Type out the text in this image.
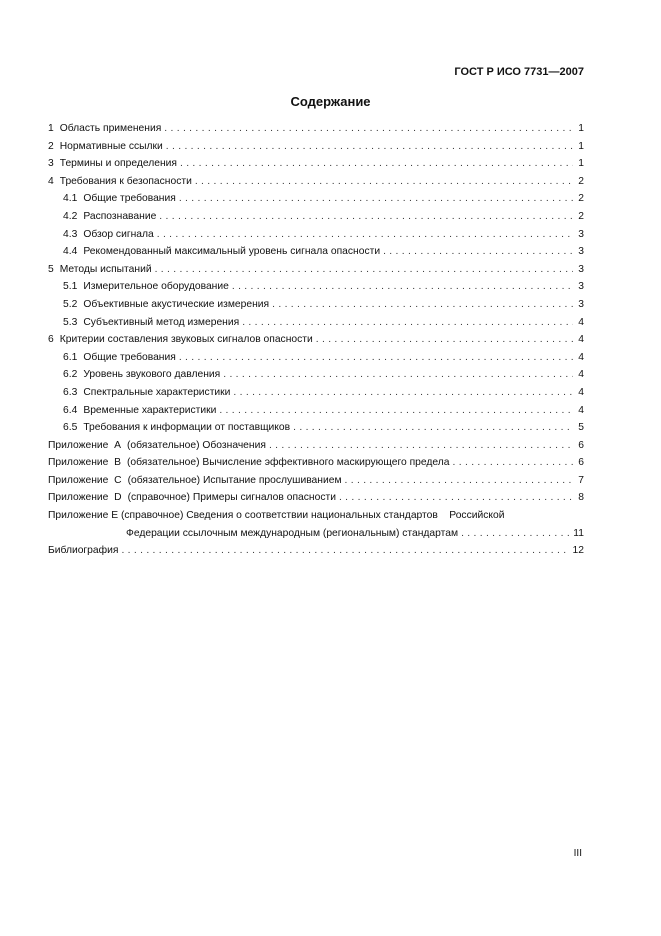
ГОСТ Р ИСО 7731—2007
Содержание
1 Область применения . . .	1
2 Нормативные ссылки . . .	1
3 Термины и определения . . .	1
4 Требования к безопасности . . .	2
4.1 Общие требования . . .	2
4.2 Распознавание . . .	2
4.3 Обзор сигнала . . .	3
4.4 Рекомендованный максимальный уровень сигнала опасности . . .	3
5 Методы испытаний . . .	3
5.1 Измерительное оборудование . . .	3
5.2 Объективные акустические измерения . . .	3
5.3 Субъективный метод измерения . . .	4
6 Критерии составления звуковых сигналов опасности . . .	4
6.1 Общие требования . . .	4
6.2 Уровень звукового давления . . .	4
6.3 Спектральные характеристики . . .	4
6.4 Временные характеристики . . .	4
6.5 Требования к информации от поставщиков . . .	5
Приложение  A (обязательное) Обозначения . . .	6
Приложение  B (обязательное) Вычисление эффективного маскирующего предела . . .	6
Приложение  C (обязательное) Испытание прослушиванием . . .	7
Приложение  D (справочное) Примеры сигналов опасности . . .	8
Приложение E (справочное) Сведения о соответствии национальных стандартов    Российской
Федерации ссылочным международным (региональным) стандартам . . .	11
Библиография . . .	12
III
